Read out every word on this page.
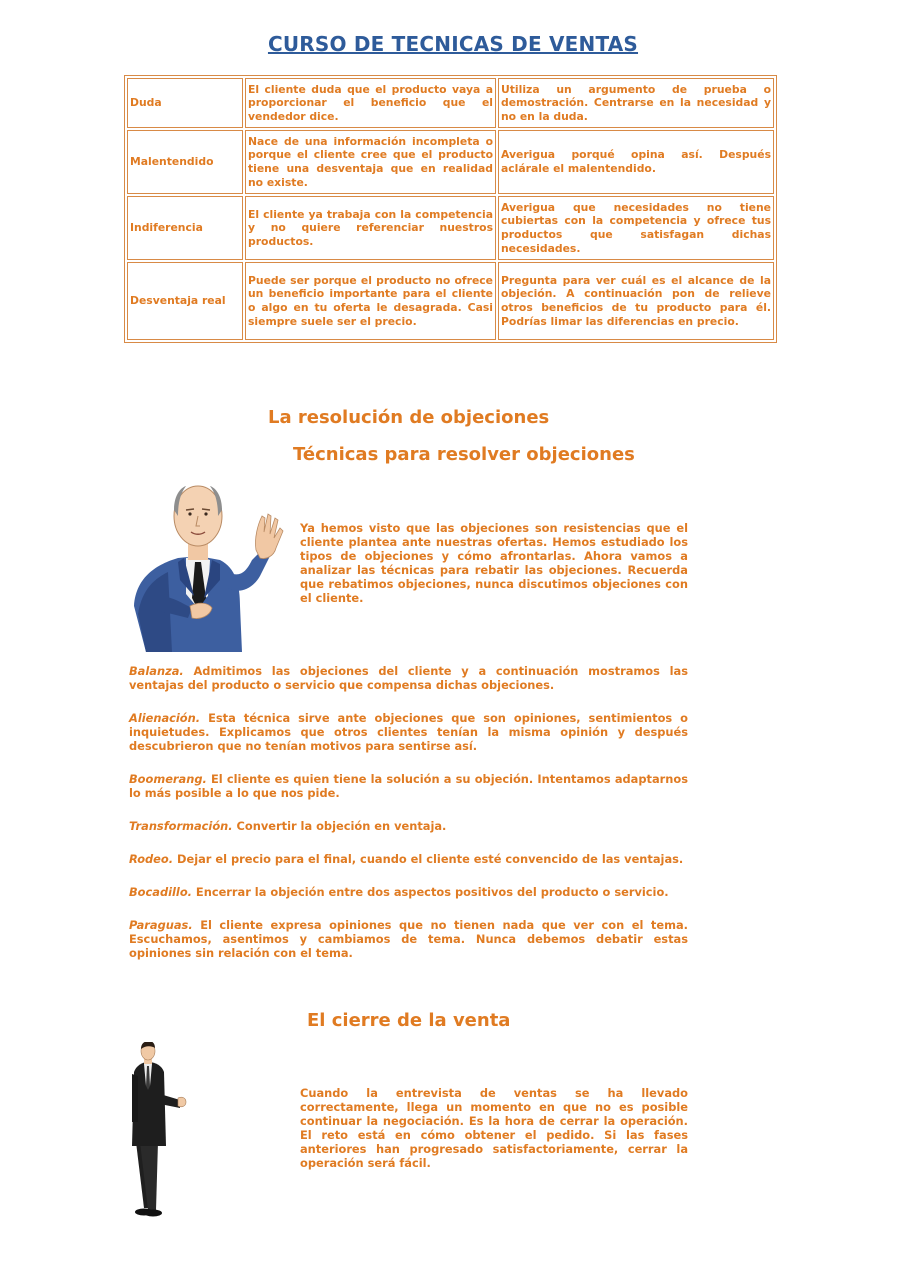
CURSO DE TECNICAS DE VENTAS
Duda	El cliente duda que el producto vaya a proporcionar el beneficio que el vendedor dice.	Utiliza un argumento de prueba o demostración. Centrarse en la necesidad y no en la duda.
Malentendido	Nace de una información incompleta o porque el cliente cree que el producto tiene una desventaja que en realidad no existe.	Averigua porqué opina así. Después aclárale el malentendido.
Indiferencia	El cliente ya trabaja con la competencia y no quiere referenciar nuestros productos.	Averigua que necesidades no tiene cubiertas con la competencia y ofrece tus productos que satisfagan dichas necesidades.
Desventaja real	Puede ser porque el producto no ofrece un beneficio importante para el cliente o algo en tu oferta le desagrada. Casi siempre suele ser el precio.	Pregunta para ver cuál es el alcance de la objeción. A continuación pon de relieve otros beneficios de tu producto para él. Podrías limar las diferencias en precio.
La resolución de objeciones
Técnicas para resolver objeciones
Ya hemos visto que las objeciones son resistencias que el cliente plantea ante nuestras ofertas. Hemos estudiado los tipos de objeciones y cómo afrontarlas. Ahora vamos a analizar las técnicas para rebatir las objeciones. Recuerda que rebatimos objeciones, nunca discutimos objeciones con el cliente.
Balanza. Admitimos las objeciones del cliente y a continuación mostramos las ventajas del producto o servicio que compensa dichas objeciones.
Alienación. Esta técnica sirve ante objeciones que son opiniones, sentimientos o inquietudes. Explicamos que otros clientes tenían la misma opinión y después descubrieron que no tenían motivos para sentirse así.
Boomerang. El cliente es quien tiene la solución a su objeción. Intentamos adaptarnos lo más posible a lo que nos pide.
Transformación. Convertir la objeción en ventaja.
Rodeo. Dejar el precio para el final, cuando el cliente esté convencido de las ventajas.
Bocadillo. Encerrar la objeción entre dos aspectos positivos del producto o servicio.
Paraguas. El cliente expresa opiniones que no tienen nada que ver con el tema. Escuchamos, asentimos y cambiamos de tema. Nunca debemos debatir estas opiniones sin relación con el tema.
El cierre de la venta
Cuando la entrevista de ventas se ha llevado correctamente, llega un momento en que no es posible continuar la negociación. Es la hora de cerrar la operación. El reto está en cómo obtener el pedido. Si las fases anteriores han progresado satisfactoriamente, cerrar la operación será fácil.
